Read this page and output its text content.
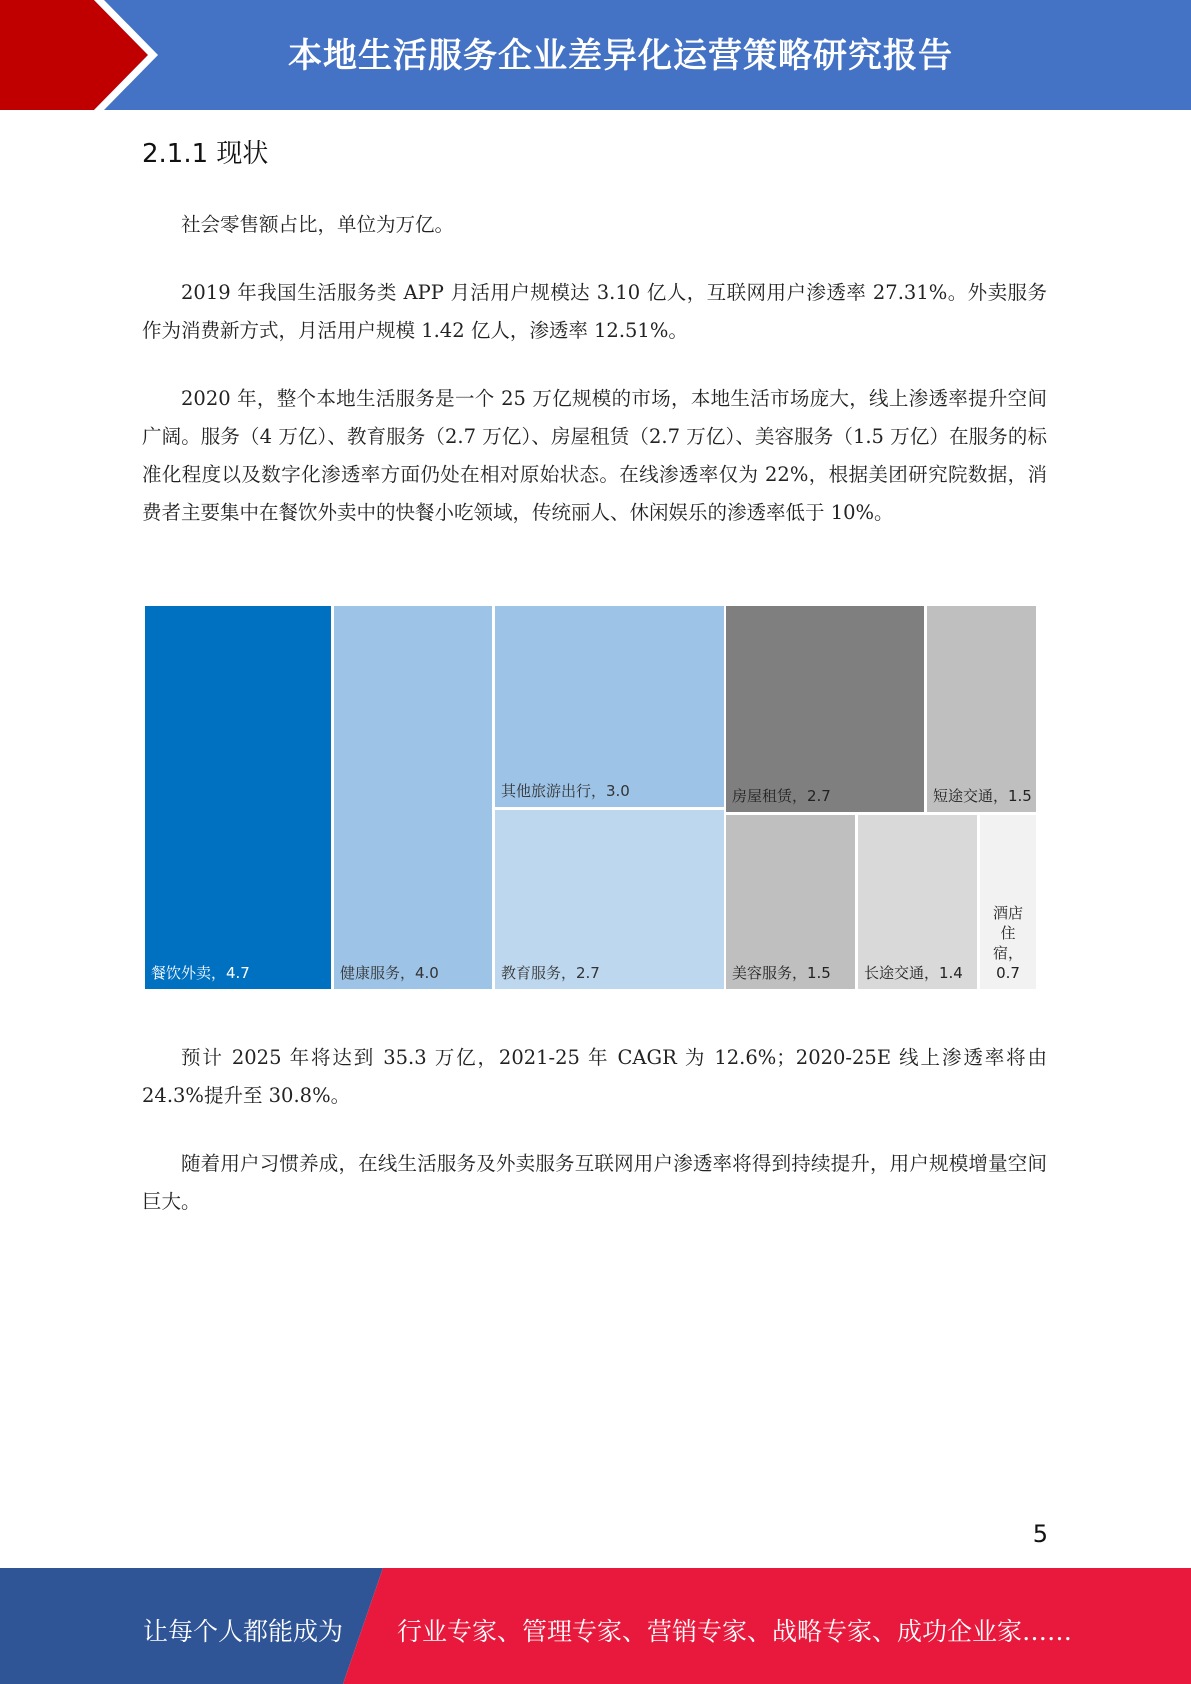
本地生活服务企业差异化运营策略研究报告
2.1.1 现状

社会零售额占比，单位为万亿。

2019 年我国生活服务类 APP 月活用户规模达 3.10 亿人，互联网用户渗透率 27.31%。外卖服务作为消费新方式，月活用户规模 1.42 亿人，渗透率 12.51%。

2020 年，整个本地生活服务是一个 25 万亿规模的市场，本地生活市场庞大，线上渗透率提升空间广阔。服务（4 万亿）、教育服务（2.7 万亿）、房屋租赁（2.7 万亿）、美容服务（1.5 万亿）在服务的标准化程度以及数字化渗透率方面仍处在相对原始状态。在线渗透率仅为 22%，根据美团研究院数据，消费者主要集中在餐饮外卖中的快餐小吃领域，传统丽人、休闲娱乐的渗透率低于 10%。

餐饮外卖，4.7	健康服务，4.0
其他旅游出行，3.0
教育服务，2.7
房屋租赁，2.7	短途交通，1.5
美容服务，1.5 长途交通，1.4
酒店住宿，0.7

预计 2025 年将达到 35.3 万亿，2021-25 年 CAGR 为 12.6%；2020-25E 线上渗透率将由 24.3%提升至 30.8%。

随着用户习惯养成，在线生活服务及外卖服务互联网用户渗透率将得到持续提升，用户规模增量空间巨大。

5
让每个人都能成为 行业专家、管理专家、营销专家、战略专家、成功企业家……
